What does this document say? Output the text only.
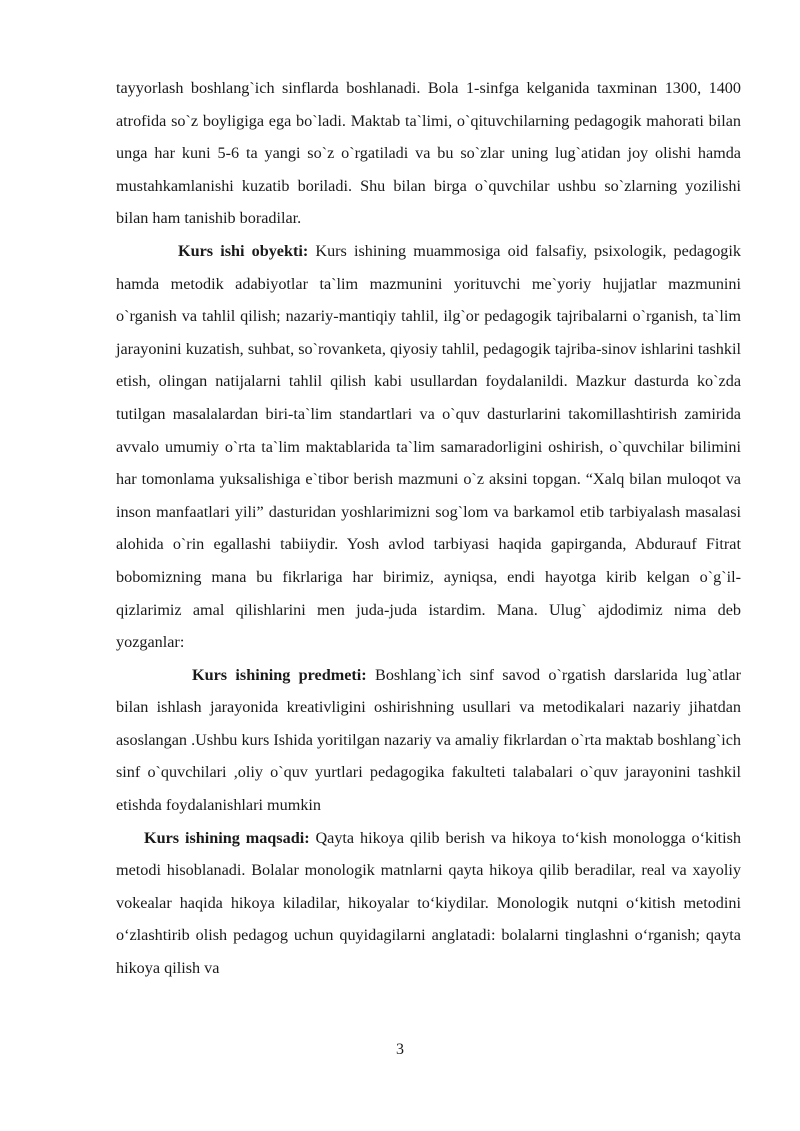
tayyorlash boshlang`ich sinflarda boshlanadi. Bola 1-sinfga kelganida taxminan 1300, 1400 atrofida so`z boyligiga ega bo`ladi. Maktab ta`limi, o`qituvchilarning pedagogik mahorati bilan unga har kuni 5-6 ta yangi so`z o`rgatiladi va bu so`zlar uning lug`atidan joy olishi hamda mustahkamlanishi kuzatib boriladi. Shu bilan birga o`quvchilar ushbu so`zlarning yozilishi bilan ham tanishib boradilar.

Kurs ishi obyekti: Kurs ishining muammosiga oid falsafiy, psixologik, pedagogik hamda metodik adabiyotlar ta`lim mazmunini yorituvchi me`yoriy hujjatlar mazmunini o`rganish va tahlil qilish; nazariy-mantiqiy tahlil, ilg`or pedagogik tajribalarni o`rganish, ta`lim jarayonini kuzatish, suhbat, so`rovanketa, qiyosiy tahlil, pedagogik tajriba-sinov ishlarini tashkil etish, olingan natijalarni tahlil qilish kabi usullardan foydalanildi. Mazkur dasturda ko`zda tutilgan masalalardan biri-ta`lim standartlari va o`quv dasturlarini takomillashtirish zamirida avvalo umumiy o`rta ta`lim maktablarida ta`lim samaradorligini oshirish, o`quvchilar bilimini har tomonlama yuksalishiga e`tibor berish mazmuni o`z aksini topgan. “Xalq bilan muloqot va inson manfaatlari yili” dasturidan yoshlarimizni sog`lom va barkamol etib tarbiyalash masalasi alohida o`rin egallashi tabiiydir. Yosh avlod tarbiyasi haqida gapirganda, Abdurauf Fitrat bobomizning mana bu fikrlariga har birimiz, ayniqsa, endi hayotga kirib kelgan o`g`il-qizlarimiz amal qilishlarini men juda-juda istardim. Mana. Ulug` ajdodimiz nima deb yozganlar:

Kurs ishining predmeti: Boshlang`ich sinf savod o`rgatish darslarida lug`atlar bilan ishlash jarayonida kreativligini oshirishning usullari va metodikalari nazariy jihatdan asoslangan .Ushbu kurs Ishida yoritilgan nazariy va amaliy fikrlardan o`rta maktab boshlang`ich sinf o`quvchilari ,oliy o`quv yurtlari pedagogika fakulteti talabalari o`quv jarayonini tashkil etishda foydalanishlari mumkin

Kurs ishining maqsadi: Qayta hikoya qilib berish va hikoya to‘kish monologga o‘kitish metodi hisoblanadi. Bolalar monologik matnlarni qayta hikoya qilib beradilar, real va xayoliy vokealar haqida hikoya kiladilar, hikoyalar to‘kiydilar. Monologik nutqni o‘kitish metodini o‘zlashtirib olish pedagog uchun quyidagilarni anglatadi: bolalarni tinglashni o‘rganish; qayta hikoya qilish va

3
